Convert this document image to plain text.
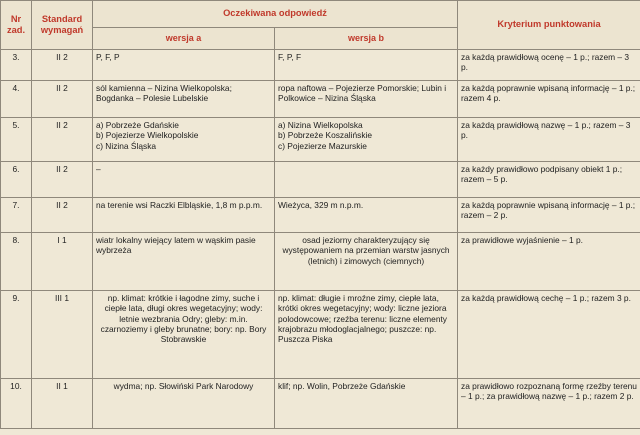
Nr zad.	Standard wymagań	Oczekiwana odpowiedź		Kryterium punktowania
		wersja a	wersja b	
3.	II 2	P, F, P	F, P, F	za każdą prawidłową ocenę – 1 p.; razem – 3 p.
4.	II 2	sól kamienna – Nizina Wielkopolska; Bogdanka – Polesie Lubelskie	ropa naftowa – Pojezierze Pomorskie; Lubin i Polkowice – Nizina Śląska	za każdą poprawnie wpisaną informację – 1 p.; razem 4 p.
5.	II 2	a) Pobrzeże Gdańskie
b) Pojezierze Wielkopolskie
c) Nizina Śląska	a) Nizina Wielkopolska
b) Pobrzeże Koszalińskie
c) Pojezierze Mazurskie	za każdą prawidłową nazwę – 1 p.; razem – 3 p.
6.	II 2	–		za każdy prawidłowo podpisany obiekt 1 p.; razem – 5 p.
7.	II 2	na terenie wsi Raczki Elbląskie, 1,8 m p.p.m.	Wieżyca, 329 m n.p.m.	za każdą poprawnie wpisaną informację – 1 p.; razem – 2 p.
8.	I 1	wiatr lokalny wiejący latem w wąskim pasie wybrzeża	osad jeziorny charakteryzujący się występowaniem na przemian warstw jasnych (letnich) i zimowych (ciemnych)	za prawidłowe wyjaśnienie – 1 p.
9.	III 1	np. klimat: krótkie i łagodne zimy, suche i ciepłe lata, długi okres wegetacyjny; wody: letnie wezbrania Odry; gleby: m.in. czarnoziemy i gleby brunatne; bory: np. Bory Stobrawskie	np. klimat: długie i mroźne zimy, ciepłe lata, krótki okres wegetacyjny; wody: liczne jeziora polodowcowe; rzeźba terenu: liczne elementy krajobrazu młodoglacjalnego; puszcze: np. Puszcza Piska	za każdą prawidłową cechę – 1 p.; razem 3 p.
10.	II 1	wydma; np. Słowiński Park Narodowy	klif; np. Wolin, Pobrzeże Gdańskie	za prawidłowo rozpoznaną formę rzeźby terenu – 1 p.; za prawidłową nazwę – 1 p.; razem 2 p.
